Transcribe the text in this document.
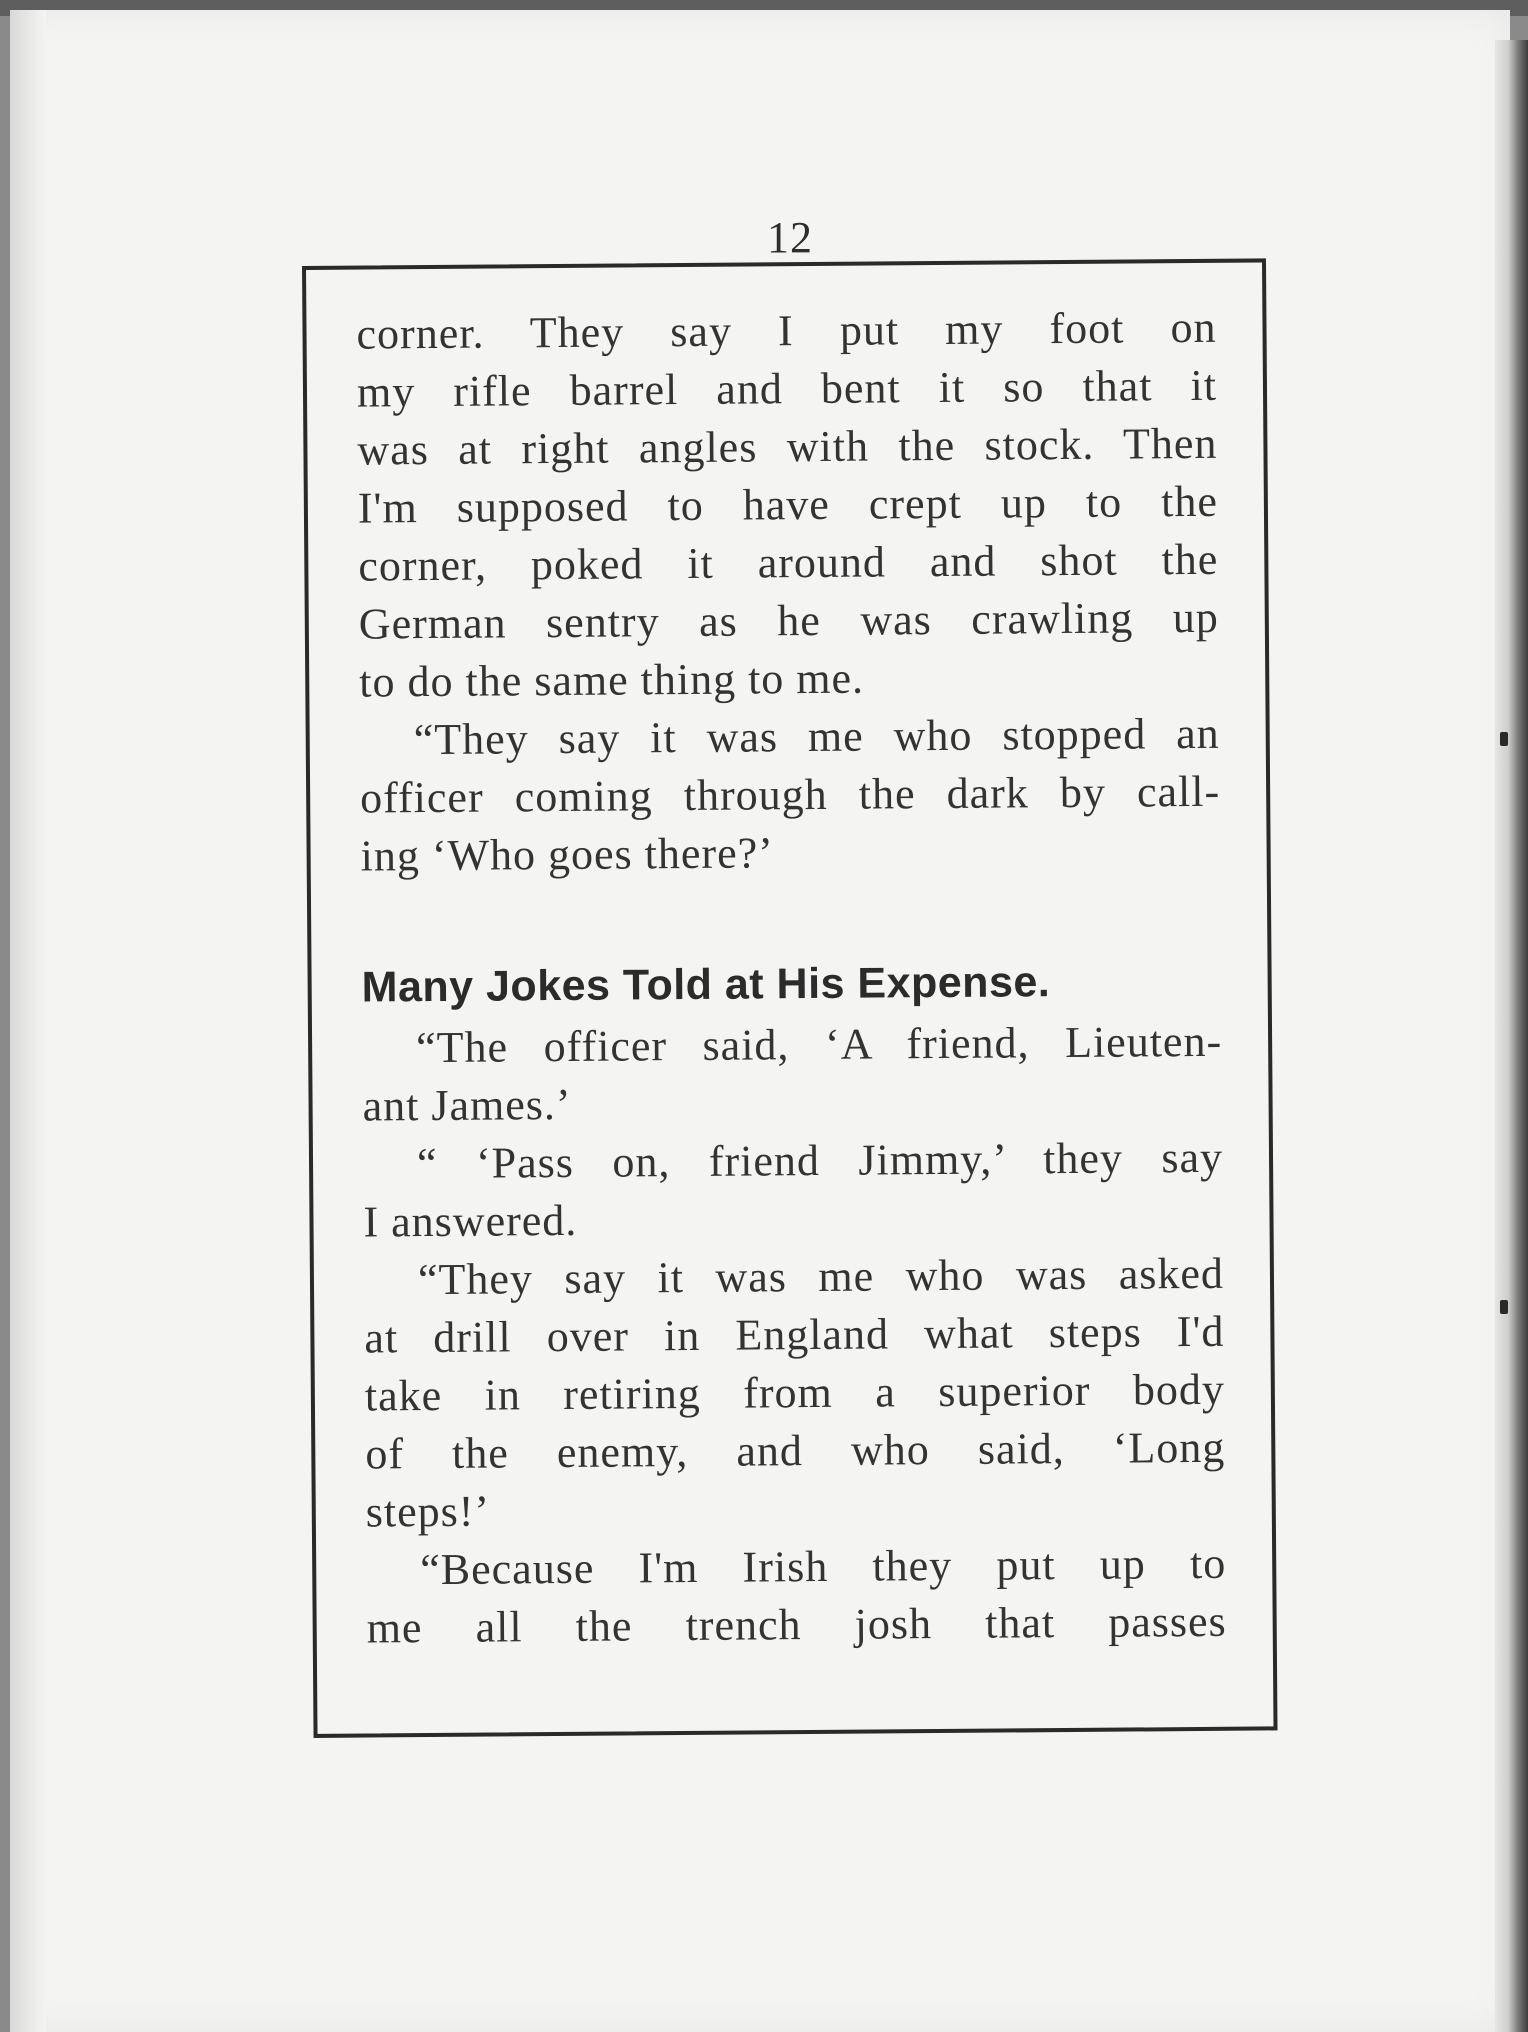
12
corner. They say I put my foot on
my rifle barrel and bent it so that it
was at right angles with the stock. Then
I'm supposed to have crept up to the
corner, poked it around and shot the
German sentry as he was crawling up
to do the same thing to me.
“They say it was me who stopped an
officer coming through the dark by call-
ing ‘Who goes there?’
Many Jokes Told at His Expense.
“The officer said, ‘A friend, Lieuten-
ant James.’
“ ‘Pass on, friend Jimmy,’ they say
I answered.
“They say it was me who was asked
at drill over in England what steps I'd
take in retiring from a superior body
of the enemy, and who said, ‘Long
steps!’
“Because I'm Irish they put up to
me all the trench josh that passes
